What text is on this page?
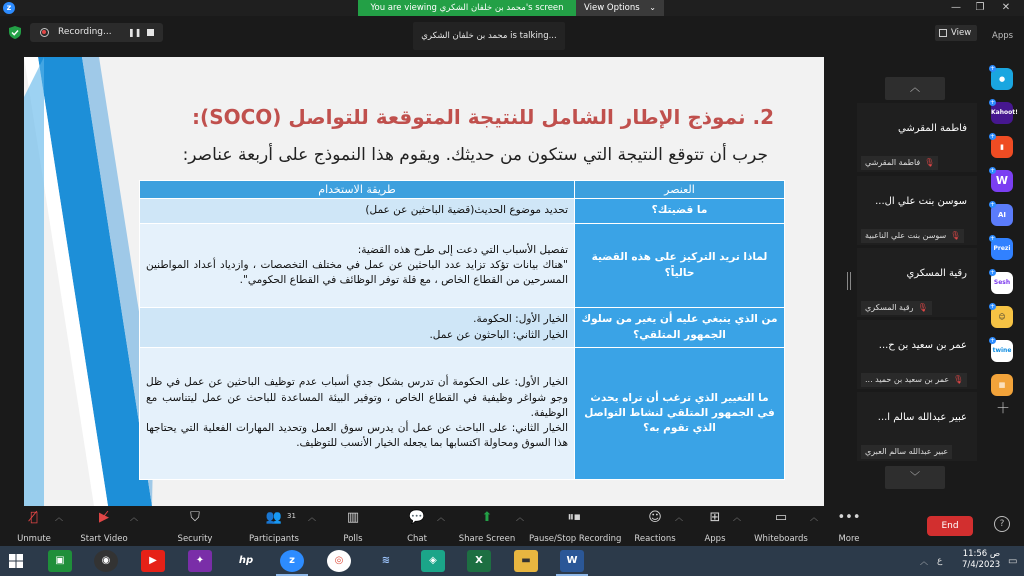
z	You are viewing محمد بن خلفان الشكري's screen	View Options ⌄	—	❐	✕
Recording... ❚❚	محمد بن خلفان الشكري is talking...	View	Apps
2. نموذج الإطار الشامل للنتيجة المتوقعة للتواصل (SOCO):
جرب أن تتوقع النتيجة التي ستكون من حديثك. ويقوم هذا النموذج على أربعة عناصر:
العنصر	طريقة الاستخدام
ما قضيتك؟	تحديد موضوع الحديث(قضية الباحثين عن عمل)

لماذا تريد التركيز على هذه القضية حالياً؟	تفصيل الأسباب التي دعت إلى طرح هذه القضية:

"هناك بيانات تؤكد تزايد عدد الباحثين عن عمل في مختلف التخصصات ، وازدياد أعداد المواطنين المسرحين من القطاع الخاص ، مع قلة توفر الوظائف في القطاع الحكومي".

من الذي ينبغي عليه أن يغير من سلوك الجمهور المتلقي؟	الخيار الأول: الحكومة.

الخيار الثاني: الباحثون عن عمل.

ما التغيير الذي ترغب أن تراه يحدث في الجمهور المتلقي لنشاط التواصل الذي تقوم به؟	الخيار الأول: على الحكومة أن تدرس بشكل جدي أسباب عدم توظيف الباحثين عن عمل في ظل وجو شواغر وظيفية في القطاع الخاص ، وتوفير البيئة المساعدة للباحث عن عمل ليتناسب مع الوظيفة.

الخيار الثاني: على الباحث عن عمل أن يدرس سوق العمل وتحديد المهارات الفعلية التي يحتاجها هذا السوق ومحاولة اكتسابها بما يجعله الخيار الأنسب للتوظيف.

︿
فاطمة المقرشي
🎙
فاطمة المقرشي
سوسن بنت علي ال...
🎙
سوسن بنت علي الناعبية
رقية المسكري
🎙
رقية المسكري
عمر بن سعيد بن ح...
🎙
عمر بن سعيد بن حميد ...
عبير عبدالله سالم ا...
عبير عبدالله سالم العبري
﹀
●
+
Kahoot!
+
▮
+
W
+
AI
+
Prezi
+
Sesh
+
☺
+
twine
+
▦
＋
🎙̸
Unmute
︿	▶̸
Start Video
︿	⛉
Security
👥
Participants
31 ︿	▥
Polls
💬
Chat
︿	⬆
Share Screen
︿	⏸⏹
Pause/Stop Recording
☺
Reactions
︿	⊞
Apps
︿	▭
Whiteboards
︿	•••
More
End	?
▣	◉	▶	✦	hp	z	◎	≋	◈	X	▬	W	︿ ع
11:56 ص
7/4/2023 ▭
